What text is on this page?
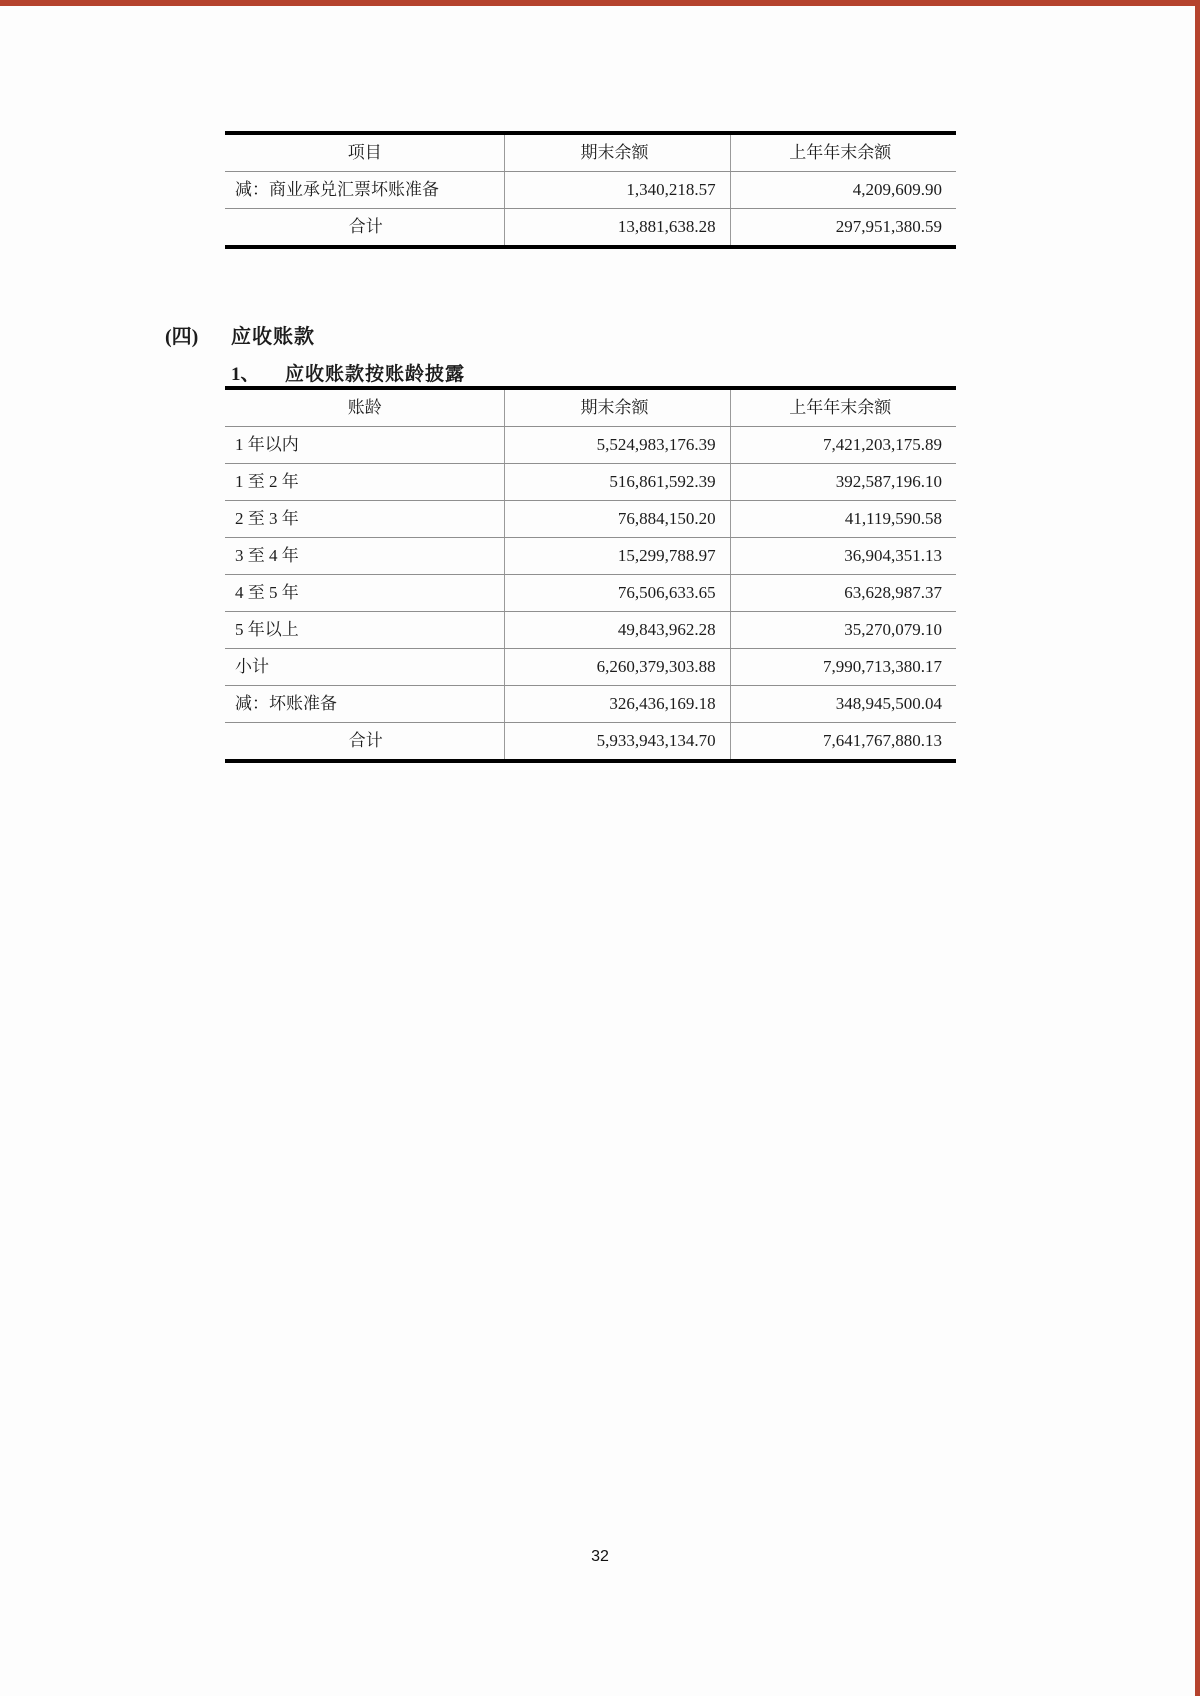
项目	期末余额	上年年末余额
减：商业承兑汇票坏账准备	1,340,218.57	4,209,609.90
合计	13,881,638.28	297,951,380.59
(四) 应收账款
1、 应收账款按账龄披露
账龄	期末余额	上年年末余额
1 年以内	5,524,983,176.39	7,421,203,175.89
1 至 2 年	516,861,592.39	392,587,196.10
2 至 3 年	76,884,150.20	41,119,590.58
3 至 4 年	15,299,788.97	36,904,351.13
4 至 5 年	76,506,633.65	63,628,987.37
5 年以上	49,843,962.28	35,270,079.10
小计	6,260,379,303.88	7,990,713,380.17
减：坏账准备	326,436,169.18	348,945,500.04
合计	5,933,943,134.70	7,641,767,880.13
32
